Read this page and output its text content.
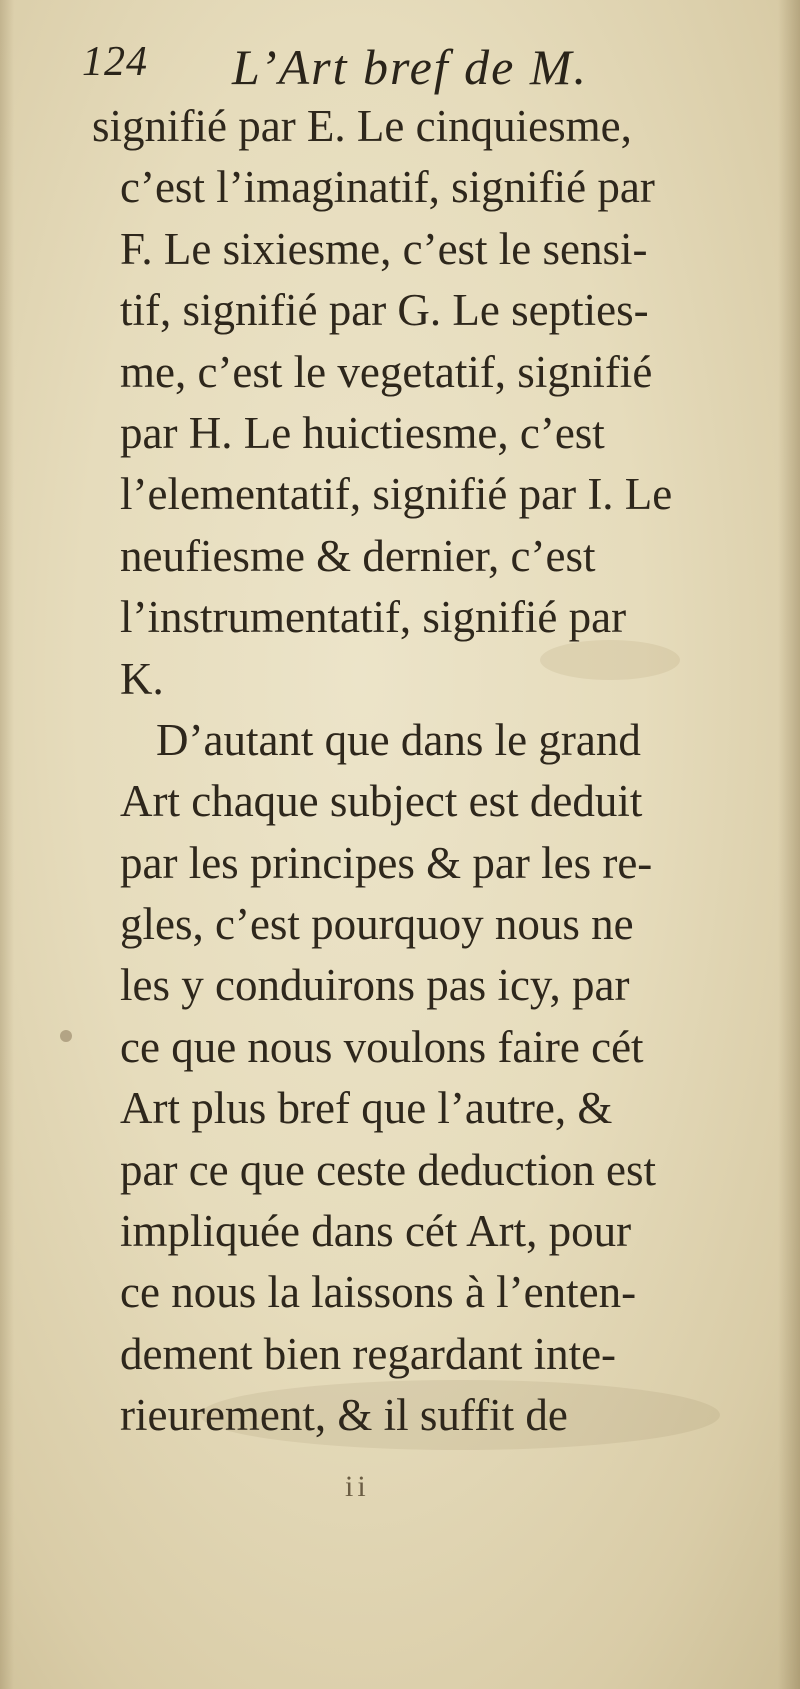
124 L’Art bref de M.
signifié par E. Le cinquiesme,
c’est l’imaginatif, signifié par
F. Le sixiesme, c’est le sensi-
tif, signifié par G. Le septies-
me, c’est le vegetatif, signifié
par H. Le huictiesme, c’est
l’elementatif, signifié par I. Le
neufiesme & dernier, c’est
l’instrumentatif, signifié par
K.
D’autant que dans le grand
Art chaque subject est deduit
par les principes & par les re-
gles, c’est pourquoy nous ne
les y conduirons pas icy, par
ce que nous voulons faire cét
Art plus bref que l’autre, &
par ce que ceste deduction est
impliquée dans cét Art, pour
ce nous la laissons à l’enten-
dement bien regardant inte-
rieurement, & il suffit de
ii
